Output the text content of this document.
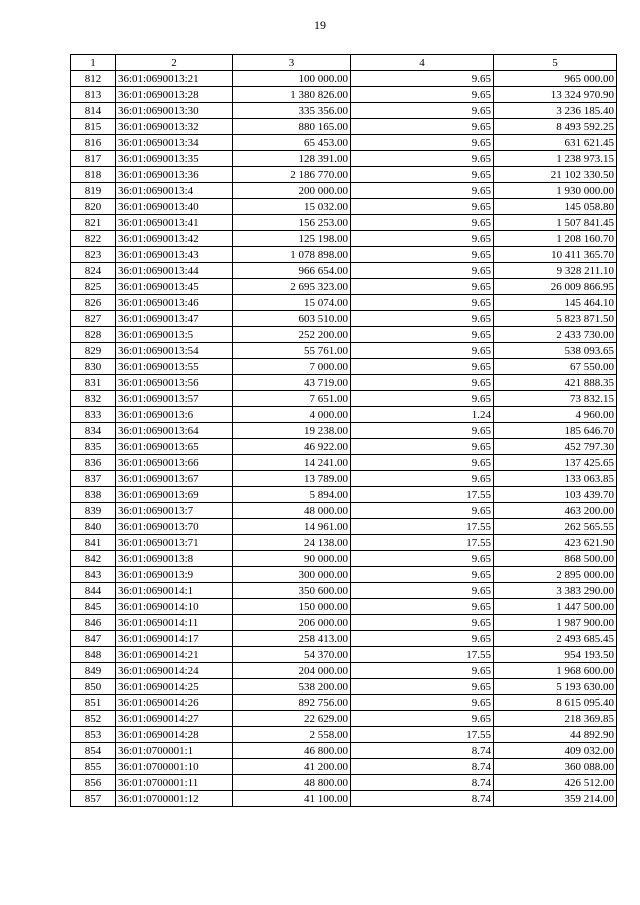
19
1	2	3	4	5
812	36:01:0690013:21	100 000.00	9.65	965 000.00
813	36:01:0690013:28	1 380 826.00	9.65	13 324 970.90
814	36:01:0690013:30	335 356.00	9.65	3 236 185.40
815	36:01:0690013:32	880 165.00	9.65	8 493 592.25
816	36:01:0690013:34	65 453.00	9.65	631 621.45
817	36:01:0690013:35	128 391.00	9.65	1 238 973.15
818	36:01:0690013:36	2 186 770.00	9.65	21 102 330.50
819	36:01:0690013:4	200 000.00	9.65	1 930 000.00
820	36:01:0690013:40	15 032.00	9.65	145 058.80
821	36:01:0690013:41	156 253.00	9.65	1 507 841.45
822	36:01:0690013:42	125 198.00	9.65	1 208 160.70
823	36:01:0690013:43	1 078 898.00	9.65	10 411 365.70
824	36:01:0690013:44	966 654.00	9.65	9 328 211.10
825	36:01:0690013:45	2 695 323.00	9.65	26 009 866.95
826	36:01:0690013:46	15 074.00	9.65	145 464.10
827	36:01:0690013:47	603 510.00	9.65	5 823 871.50
828	36:01:0690013:5	252 200.00	9.65	2 433 730.00
829	36:01:0690013:54	55 761.00	9.65	538 093.65
830	36:01:0690013:55	7 000.00	9.65	67 550.00
831	36:01:0690013:56	43 719.00	9.65	421 888.35
832	36:01:0690013:57	7 651.00	9.65	73 832.15
833	36:01:0690013:6	4 000.00	1.24	4 960.00
834	36:01:0690013:64	19 238.00	9.65	185 646.70
835	36:01:0690013:65	46 922.00	9.65	452 797.30
836	36:01:0690013:66	14 241.00	9.65	137 425.65
837	36:01:0690013:67	13 789.00	9.65	133 063.85
838	36:01:0690013:69	5 894.00	17.55	103 439.70
839	36:01:0690013:7	48 000.00	9.65	463 200.00
840	36:01:0690013:70	14 961.00	17.55	262 565.55
841	36:01:0690013:71	24 138.00	17.55	423 621.90
842	36:01:0690013:8	90 000.00	9.65	868 500.00
843	36:01:0690013:9	300 000.00	9.65	2 895 000.00
844	36:01:0690014:1	350 600.00	9.65	3 383 290.00
845	36:01:0690014:10	150 000.00	9.65	1 447 500.00
846	36:01:0690014:11	206 000.00	9.65	1 987 900.00
847	36:01:0690014:17	258 413.00	9.65	2 493 685.45
848	36:01:0690014:21	54 370.00	17.55	954 193.50
849	36:01:0690014:24	204 000.00	9.65	1 968 600.00
850	36:01:0690014:25	538 200.00	9.65	5 193 630.00
851	36:01:0690014:26	892 756.00	9.65	8 615 095.40
852	36:01:0690014:27	22 629.00	9.65	218 369.85
853	36:01:0690014:28	2 558.00	17.55	44 892.90
854	36:01:0700001:1	46 800.00	8.74	409 032.00
855	36:01:0700001:10	41 200.00	8.74	360 088.00
856	36:01:0700001:11	48 800.00	8.74	426 512.00
857	36:01:0700001:12	41 100.00	8.74	359 214.00
